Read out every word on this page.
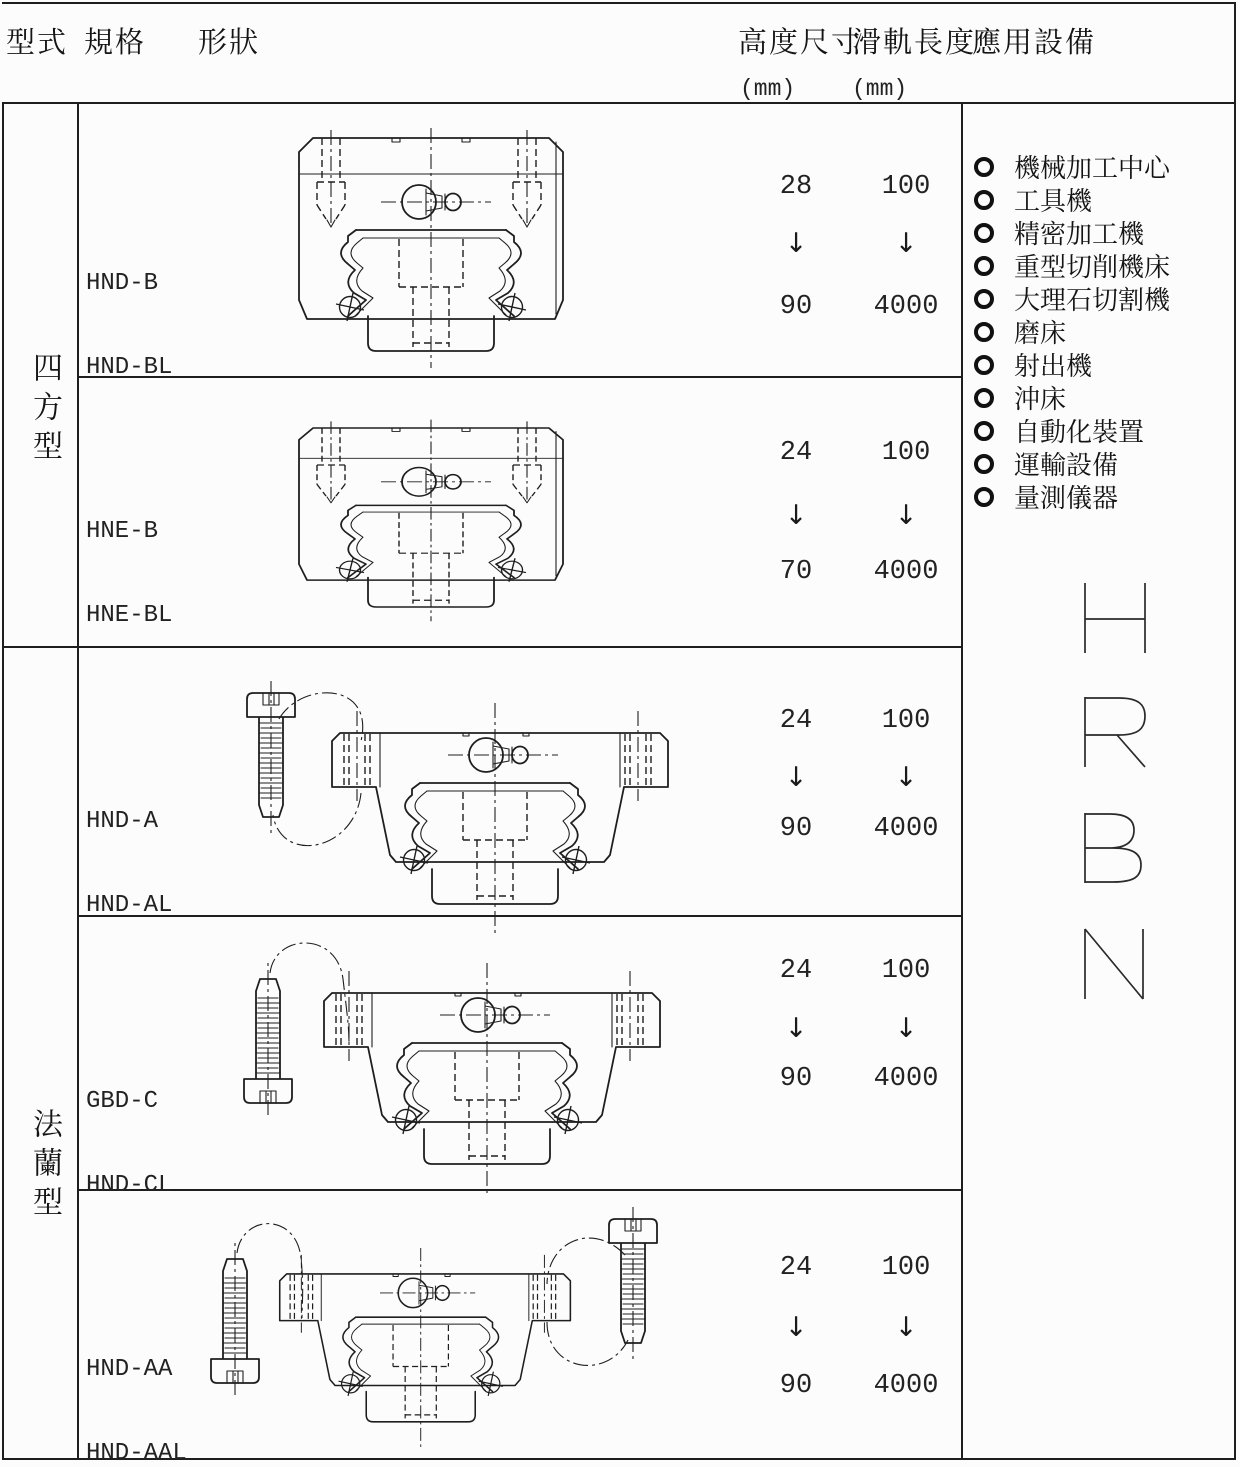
型式 規格 形狀	高度尺寸
滑軌長度
應用設備
(mm) (mm)
四方型
法蘭型

HND-B

HND-BL

28
↓
90
100
↓
4000

HNE-B

HNE-BL

24
↓
70
100
↓
4000

HND-A

HND-AL

24
↓
90
100
↓
4000

GBD-C

HND-CL

24
↓
90
100
↓
4000

HND-AA

HND-AAL

24
↓
90
100
↓
4000
機械加工中心
工具機
精密加工機
重型切削機床
大理石切割機
磨床
射出機
沖床
自動化裝置
運輸設備
量測儀器
